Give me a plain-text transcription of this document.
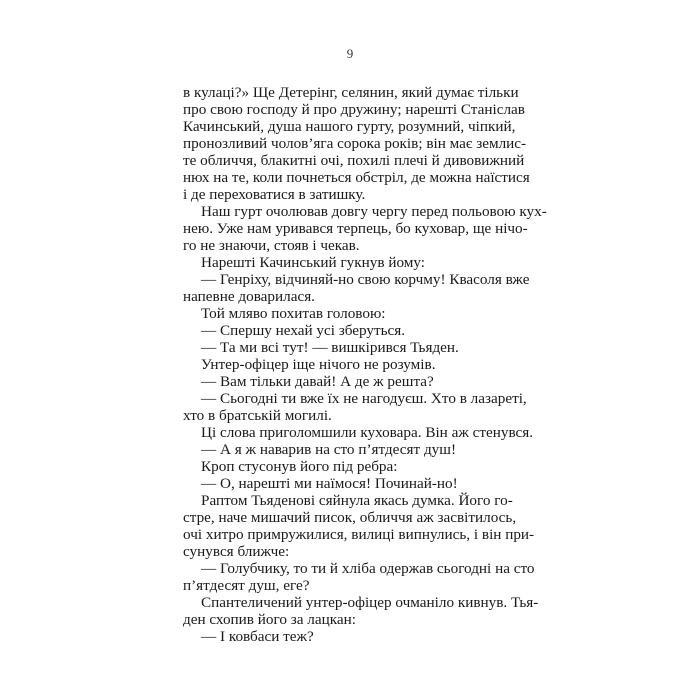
9
в кулаці?» Ще Детерінг, селянин, який думає тільки
про свою господу й про дружину; нарешті Станіслав
Качинський, душа нашого гурту, розумний, чіпкий,
пронозливий чолов’яга сорока років; він має землис-
те обличчя, блакитні очі, похилі плечі й дивовижний
нюх на те, коли почнеться обстріл, де можна наїстися
і де переховатися в затишку.
Наш гурт очолював довгу чергу перед польовою кух-
нею. Уже нам уривався терпець, бо куховар, ще нічо-
го не знаючи, стояв і чекав.
Нарешті Качинський гукнув йому:
— Генріху, відчиняй-но свою корчму! Квасоля вже
напевне доварилася.
Той мляво похитав головою:
— Спершу нехай усі зберуться.
— Та ми всі тут! — вишкірився Тьяден.
Унтер-офіцер іще нічого не розумів.
— Вам тільки давай! А де ж решта?
— Сьогодні ти вже їх не нагодуєш. Хто в лазареті,
хто в братській могилі.
Ці слова приголомшили куховара. Він аж стенувся.
— А я ж наварив на сто п’ятдесят душ!
Кроп стусонув його під ребра:
— О, нарешті ми наїмося! Починай-но!
Раптом Тьяденові сяйнула якась думка. Його го-
стре, наче мишачий писок, обличчя аж засвітилось,
очі хитро примружилися, вилиці випнулись, і він при-
сунувся ближче:
— Голубчику, то ти й хліба одержав сьогодні на сто
п’ятдесят душ, еге?
Спантеличений унтер-офіцер очманіло кивнув. Тья-
ден схопив його за лацкан:
— І ковбаси теж?
